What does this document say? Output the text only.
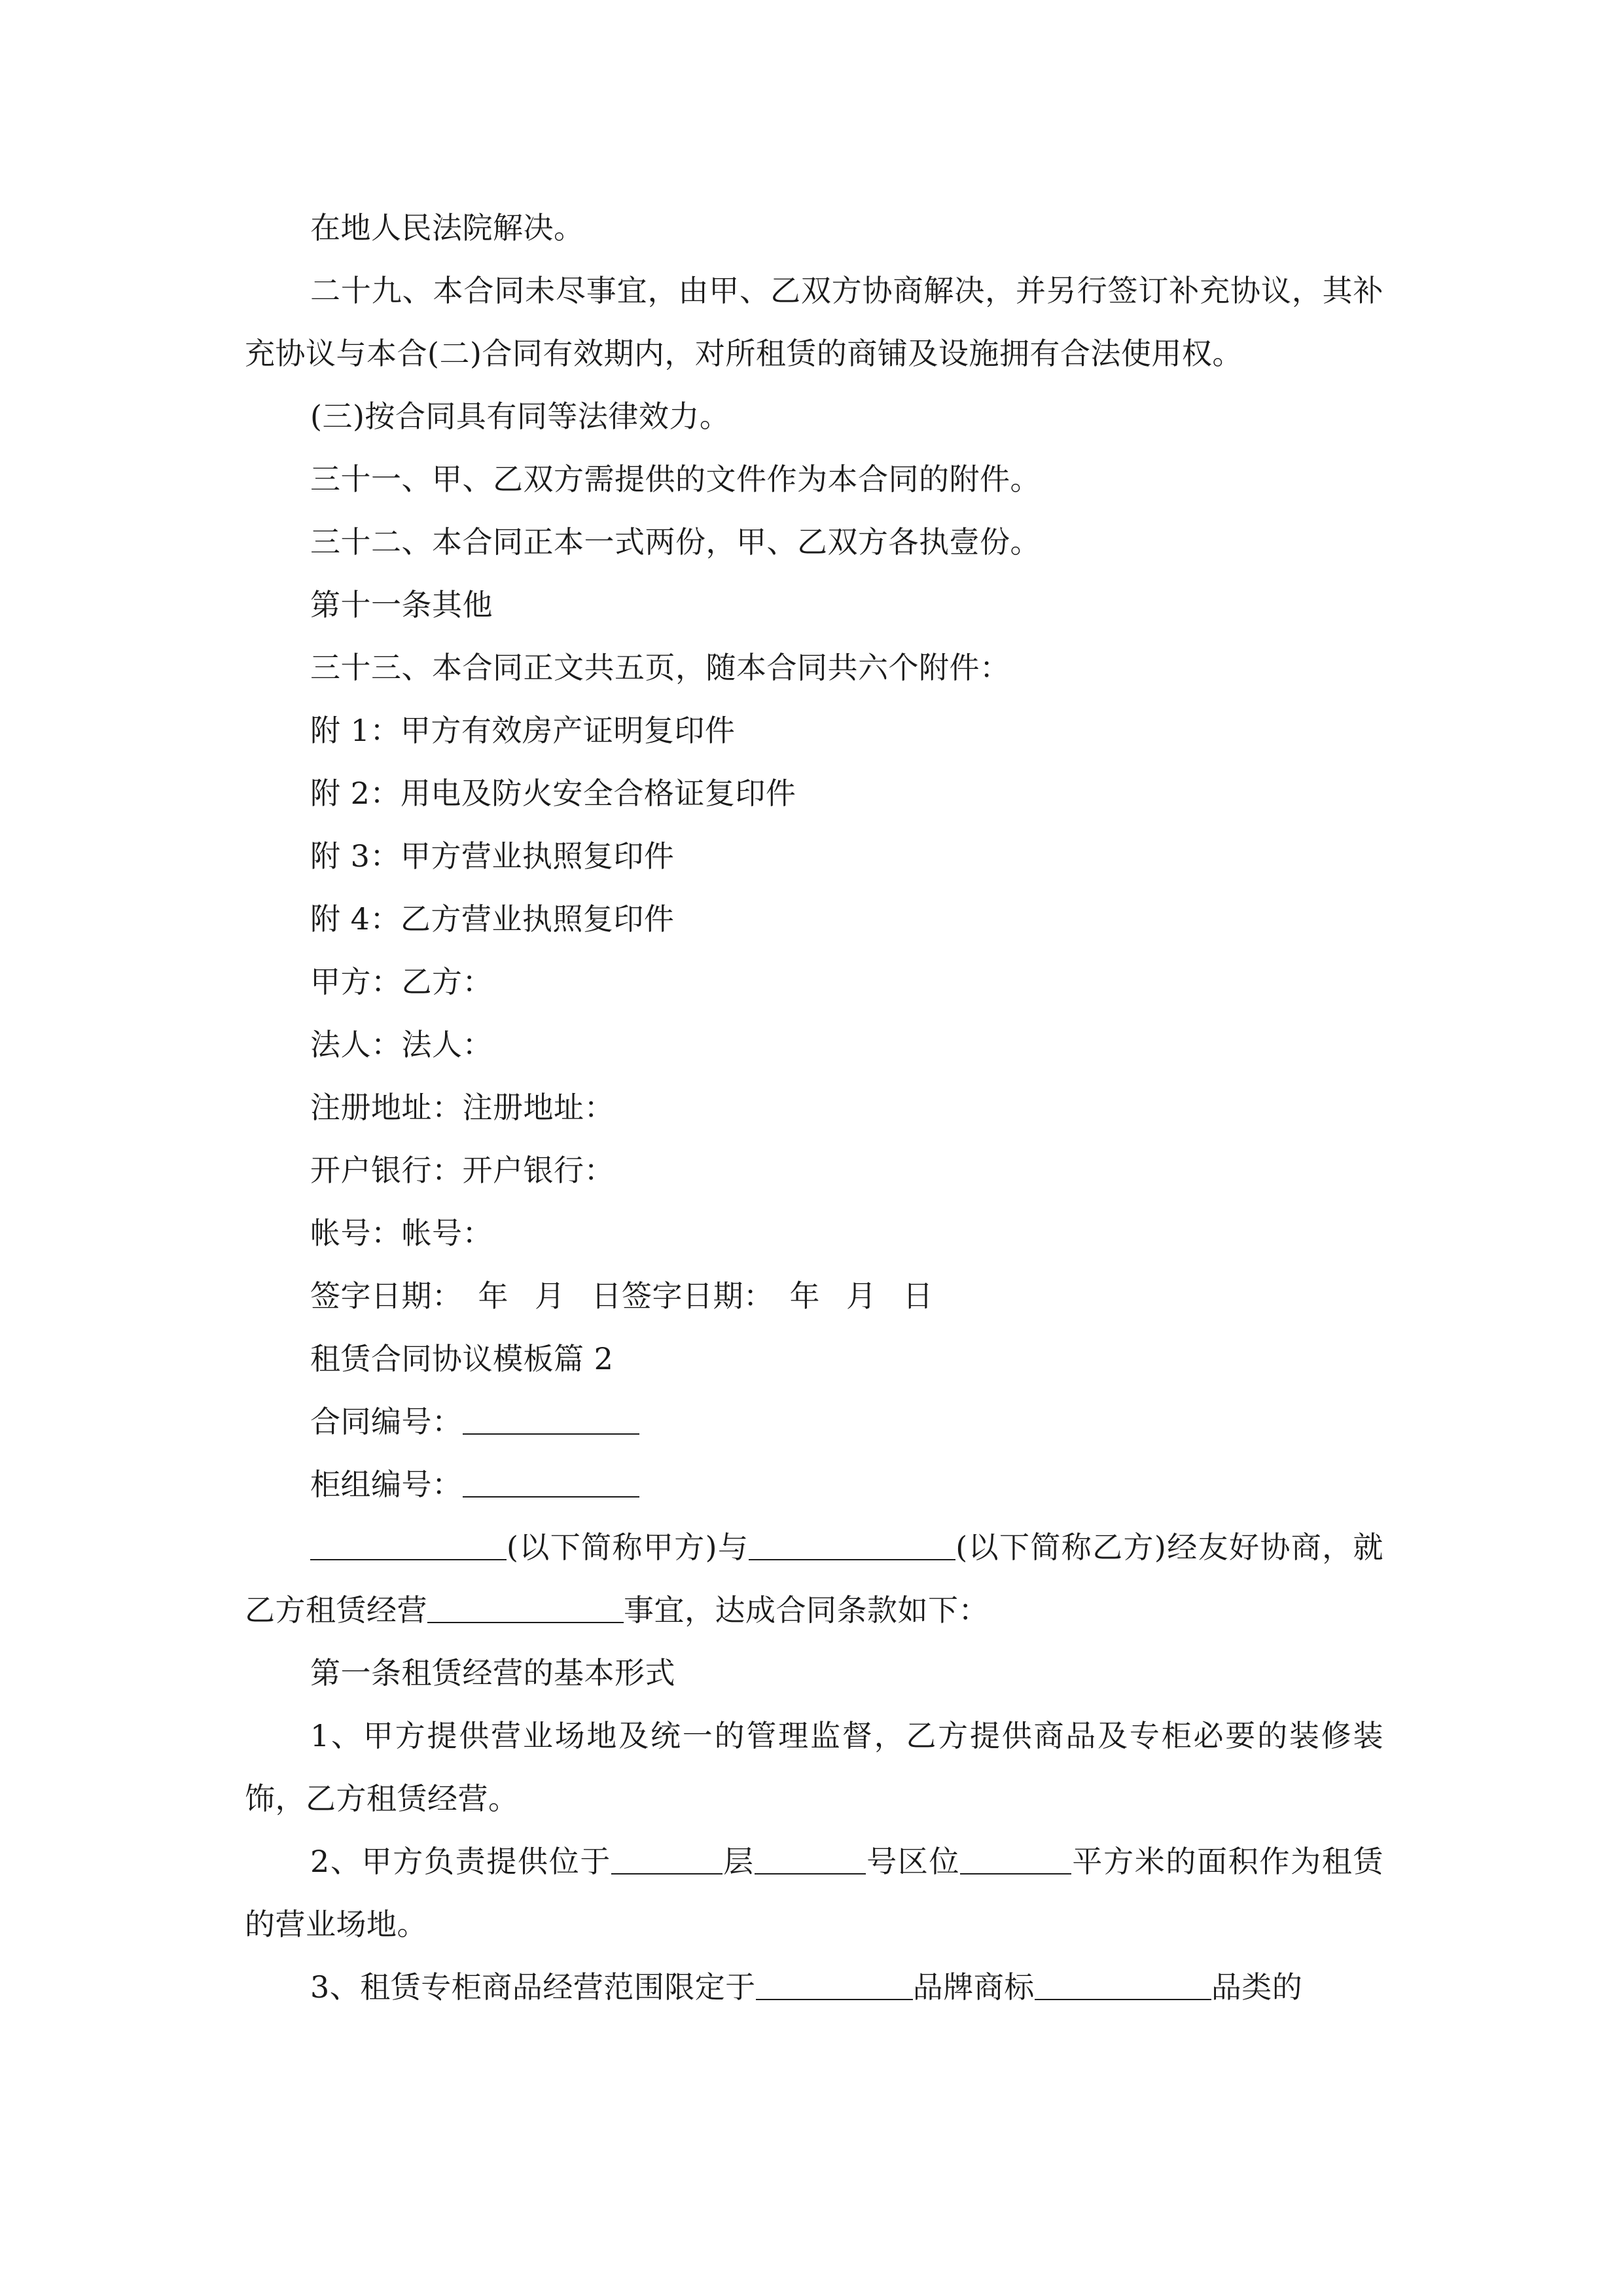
在地人民法院解决。

二十九、本合同未尽事宜，由甲、乙双方协商解决，并另行签订补充协议，其补充协议与本合(二)合同有效期内，对所租赁的商铺及设施拥有合法使用权。

(三)按合同具有同等法律效力。

三十一、甲、乙双方需提供的文件作为本合同的附件。

三十二、本合同正本一式两份，甲、乙双方各执壹份。

第十一条其他

三十三、本合同正文共五页，随本合同共六个附件：

附 1：甲方有效房产证明复印件

附 2：用电及防火安全合格证复印件

附 3：甲方营业执照复印件

附 4：乙方营业执照复印件

甲方：乙方：

法人：法人：

注册地址：注册地址：

开户银行：开户银行：

帐号：帐号：

签字日期： 年 月 日签字日期： 年 月 日

租赁合同协议模板篇 2

合同编号：

柜组编号：

(以下简称甲方)与	(以下简称乙方)经友好协商，就乙方租赁经营	事宜，达成合同条款如下：

第一条租赁经营的基本形式

1、甲方提供营业场地及统一的管理监督，乙方提供商品及专柜必要的装修装饰，乙方租赁经营。

2、甲方负责提供位于	层	号区位	平方米的面积作为租赁的营业场地。

3、租赁专柜商品经营范围限定于	品牌商标	品类的
